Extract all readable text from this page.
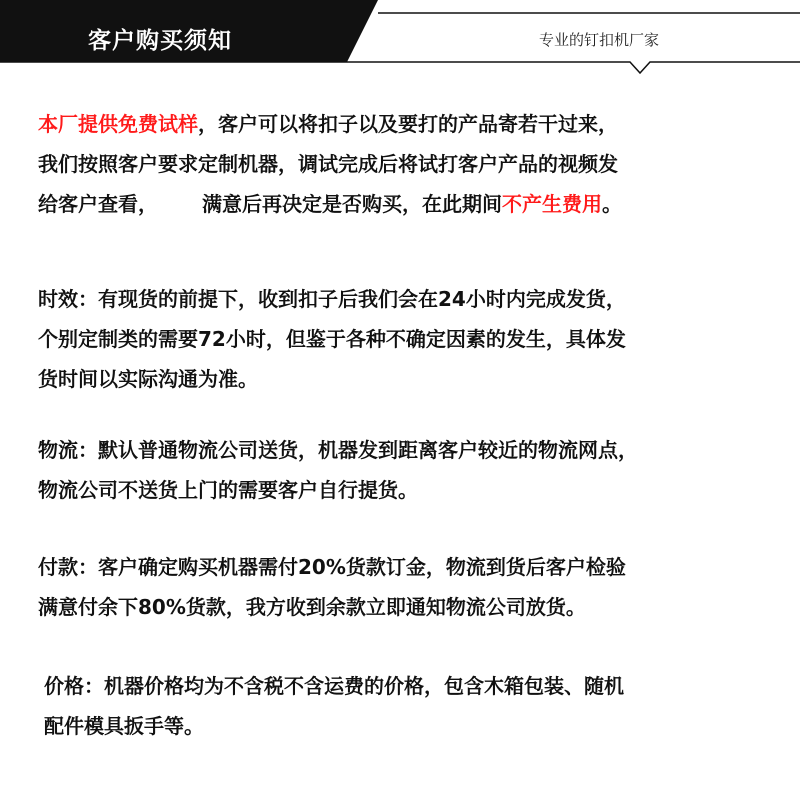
客户购买须知	专业的钉扣机厂家
本厂提供免费试样，客户可以将扣子以及要打的产品寄若干过来，
我们按照客户要求定制机器，调试完成后将试打客户产品的视频发
给客户查看， 满意后再决定是否购买，在此期间不产生费用。
时效：有现货的前提下，收到扣子后我们会在24小时内完成发货，
个别定制类的需要72小时，但鉴于各种不确定因素的发生，具体发
货时间以实际沟通为准。
物流：默认普通物流公司送货，机器发到距离客户较近的物流网点，
物流公司不送货上门的需要客户自行提货。
付款：客户确定购买机器需付20%货款订金，物流到货后客户检验
满意付余下80%货款，我方收到余款立即通知物流公司放货。
价格：机器价格均为不含税不含运费的价格，包含木箱包装、随机
配件模具扳手等。
